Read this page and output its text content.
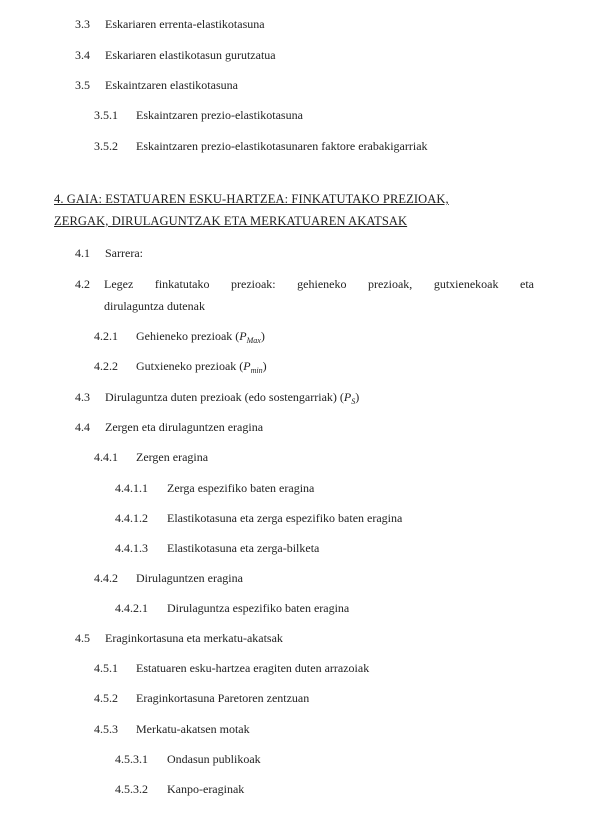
3.3 Eskariaren errenta-elastikotasuna
3.4 Eskariaren elastikotasun gurutzatua
3.5 Eskaintzaren elastikotasuna
3.5.1 Eskaintzaren prezio-elastikotasuna
3.5.2 Eskaintzaren prezio-elastikotasunaren faktore erabakigarriak
4. GAIA: ESTATUAREN ESKU-HARTZEA: FINKATUTAKO PREZIOAK,
ZERGAK, DIRULAGUNTZAK ETA MERKATUAREN AKATSAK
4.1 Sarrera:
4.2 Legez finkatutako prezioak: gehieneko prezioak, gutxienekoak eta
dirulaguntza dutenak
4.2.1 Gehieneko prezioak $(P_{Max})$
4.2.2 Gutxieneko prezioak $(P_{min})$
4.3 Dirulaguntza duten prezioak (edo sostengarriak) $(P_S)$
4.4 Zergen eta dirulaguntzen eragina
4.4.1 Zergen eragina
4.4.1.1 Zerga espezifiko baten eragina
4.4.1.2 Elastikotasuna eta zerga espezifiko baten eragina
4.4.1.3 Elastikotasuna eta zerga-bilketa
4.4.2 Dirulaguntzen eragina
4.4.2.1 Dirulaguntza espezifiko baten eragina
4.5 Eraginkortasuna eta merkatu-akatsak
4.5.1 Estatuaren esku-hartzea eragiten duten arrazoiak
4.5.2 Eraginkortasuna Paretoren zentzuan
4.5.3 Merkatu-akatsen motak
4.5.3.1 Ondasun publikoak
4.5.3.2 Kanpo-eraginak
